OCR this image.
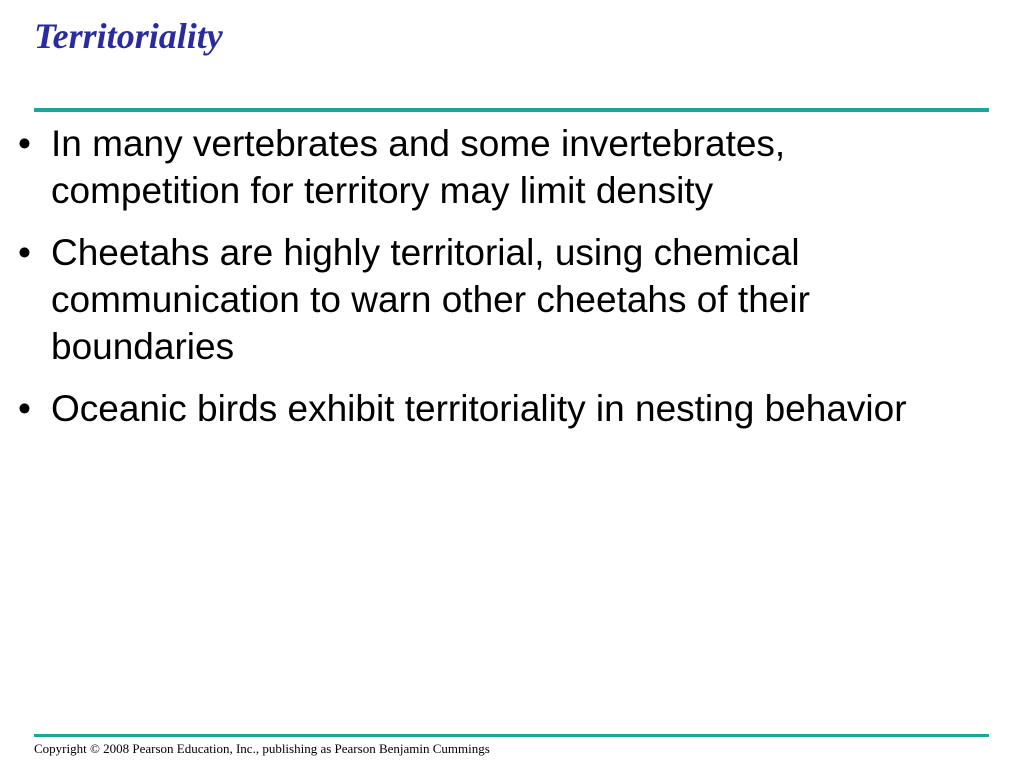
Territoriality
• In many vertebrates and some invertebrates, competition for territory may limit density
• Cheetahs are highly territorial, using chemical communication to warn other cheetahs of their boundaries
• Oceanic birds exhibit territoriality in nesting behavior
Copyright © 2008 Pearson Education, Inc., publishing as Pearson Benjamin Cummings
